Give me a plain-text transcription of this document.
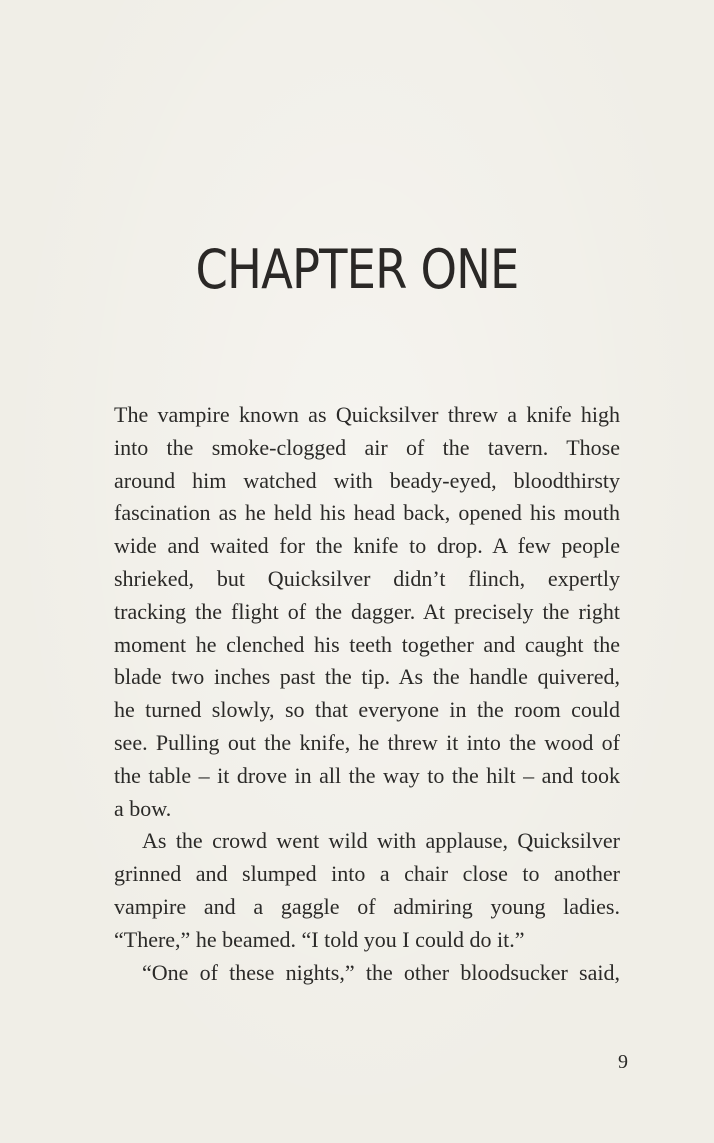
CHAPTER ONE
The vampire known as Quicksilver threw a knife high
into the smoke-clogged air of the tavern. Those
around him watched with beady-eyed, bloodthirsty
fascination as he held his head back, opened his mouth
wide and waited for the knife to drop. A few people
shrieked, but Quicksilver didn’t flinch, expertly
tracking the flight of the dagger. At precisely the right
moment he clenched his teeth together and caught the
blade two inches past the tip. As the handle quivered,
he turned slowly, so that everyone in the room could
see. Pulling out the knife, he threw it into the wood of
the table – it drove in all the way to the hilt – and took
a bow.
As the crowd went wild with applause, Quicksilver
grinned and slumped into a chair close to another
vampire and a gaggle of admiring young ladies.
“There,” he beamed. “I told you I could do it.”
“One of these nights,” the other bloodsucker said,
9
